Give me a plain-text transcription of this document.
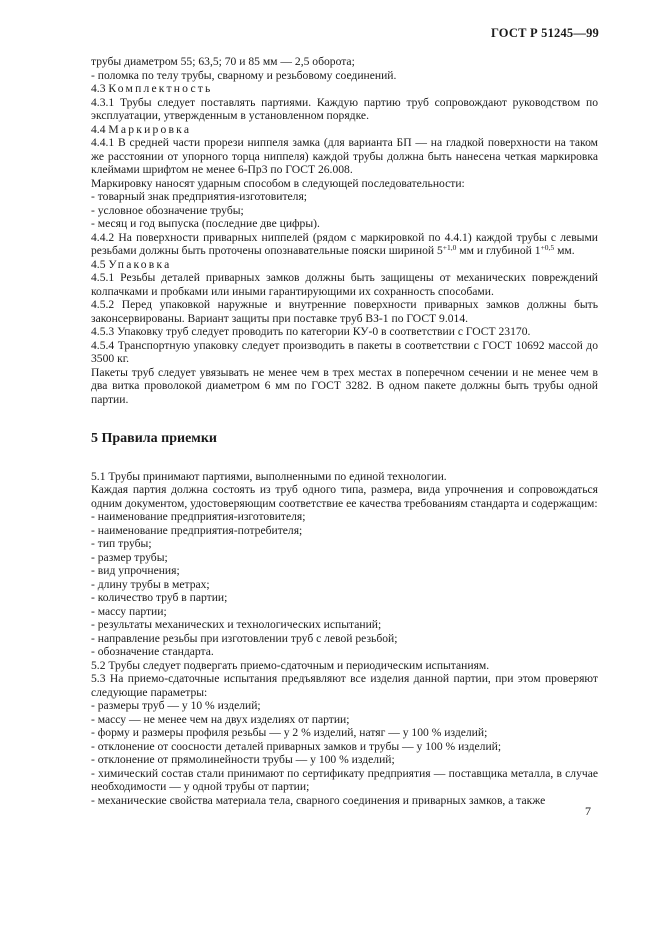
ГОСТ Р 51245—99

трубы диаметром 55; 63,5; 70 и 85 мм — 2,5 оборота;

- поломка по телу трубы, сварному и резьбовому соединений.

4.3 Комплектность

4.3.1 Трубы следует поставлять партиями. Каждую партию труб сопровождают руководством по эксплуатации, утвержденным в установленном порядке.

4.4 Маркировка

4.4.1 В средней части прорези ниппеля замка (для варианта БП — на гладкой поверхности на таком же расстоянии от упорного торца ниппеля) каждой трубы должна быть нанесена четкая маркировка клеймами шрифтом не менее 6-Пр3 по ГОСТ 26.008.

Маркировку наносят ударным способом в следующей последовательности:

- товарный знак предприятия-изготовителя;

- условное обозначение трубы;

- месяц и год выпуска (последние две цифры).

4.4.2 На поверхности приварных ниппелей (рядом с маркировкой по 4.4.1) каждой трубы с левыми резьбами должны быть проточены опознавательные пояски шириной $5^{+1,0}$ мм и глубиной $1^{+0,5}$ мм.

4.5 Упаковка

4.5.1 Резьбы деталей приварных замков должны быть защищены от механических повреждений колпачками и пробками или иными гарантирующими их сохранность способами.

4.5.2 Перед упаковкой наружные и внутренние поверхности приварных замков должны быть законсервированы. Вариант защиты при поставке труб ВЗ-1 по ГОСТ 9.014.

4.5.3 Упаковку труб следует проводить по категории КУ-0 в соответствии с ГОСТ 23170.

4.5.4 Транспортную упаковку следует производить в пакеты в соответствии с ГОСТ 10692 массой до 3500 кг.

Пакеты труб следует увязывать не менее чем в трех местах в поперечном сечении и не менее чем в два витка проволокой диаметром 6 мм по ГОСТ 3282. В одном пакете должны быть трубы одной партии.

5 Правила приемки

5.1 Трубы принимают партиями, выполненными по единой технологии.

Каждая партия должна состоять из труб одного типа, размера, вида упрочнения и сопровождаться одним документом, удостоверяющим соответствие ее качества требованиям стандарта и содержащим:

- наименование предприятия-изготовителя;

- наименование предприятия-потребителя;

- тип трубы;

- размер трубы;

- вид упрочнения;

- длину трубы в метрах;

- количество труб в партии;

- массу партии;

- результаты механических и технологических испытаний;

- направление резьбы при изготовлении труб с левой резьбой;

- обозначение стандарта.

5.2 Трубы следует подвергать приемо-сдаточным и периодическим испытаниям.

5.3 На приемо-сдаточные испытания предъявляют все изделия данной партии, при этом проверяют следующие параметры:

- размеры труб — у 10 % изделий;

- массу — не менее чем на двух изделиях от партии;

- форму и размеры профиля резьбы — у 2 % изделий, натяг — у 100 % изделий;

- отклонение от соосности деталей приварных замков и трубы — у 100 % изделий;

- отклонение от прямолинейности трубы — у 100 % изделий;

- химический состав стали принимают по сертификату предприятия — поставщика металла, в случае необходимости — у одной трубы от партии;

- механические свойства материала тела, сварного соединения и приварных замков, а также

7
